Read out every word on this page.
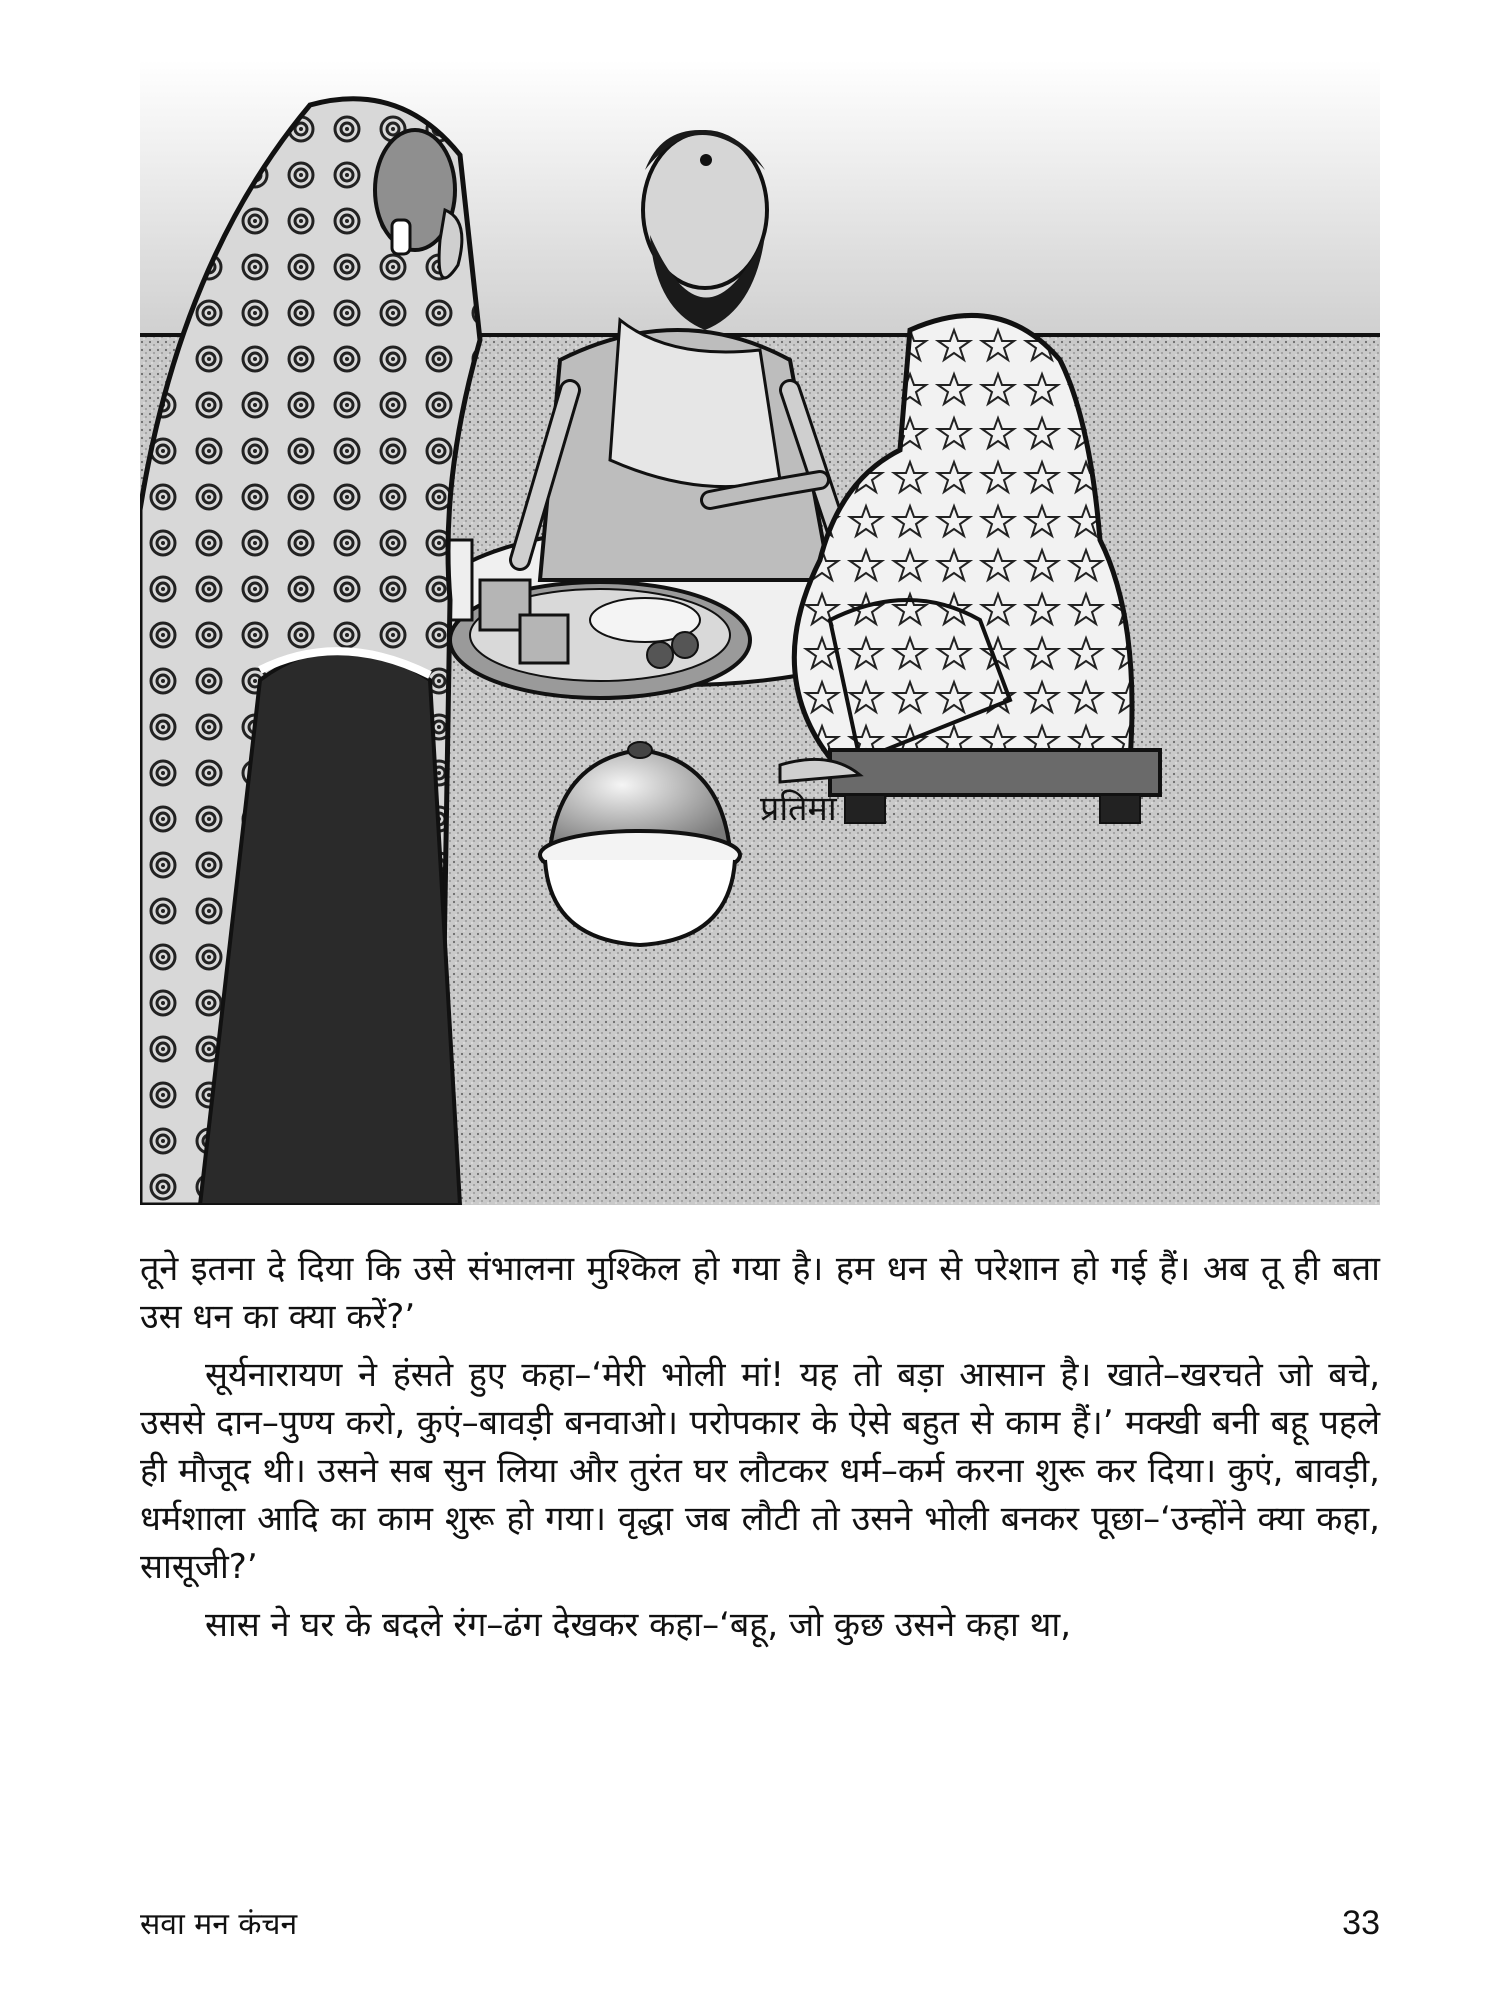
प्रतिमा

तूने इतना दे दिया कि उसे संभालना मुश्किल हो गया है। हम धन से परेशान हो गई हैं। अब तू ही बता उस धन का क्या करें?’

सूर्यनारायण ने हंसते हुए कहा–‘मेरी भोली मां! यह तो बड़ा आसान है। खाते–खरचते जो बचे, उससे दान–पुण्य करो, कुएं–बावड़ी बनवाओ। परोपकार के ऐसे बहुत से काम हैं।’ मक्खी बनी बहू पहले ही मौजूद थी। उसने सब सुन लिया और तुरंत घर लौटकर धर्म–कर्म करना शुरू कर दिया। कुएं, बावड़ी, धर्मशाला आदि का काम शुरू हो गया। वृद्धा जब लौटी तो उसने भोली बनकर पूछा–‘उन्होंने क्या कहा, सासूजी?’

सास ने घर के बदले रंग–ढंग देखकर कहा–‘बहू, जो कुछ उसने कहा था,

सवा मन कंचन	33
